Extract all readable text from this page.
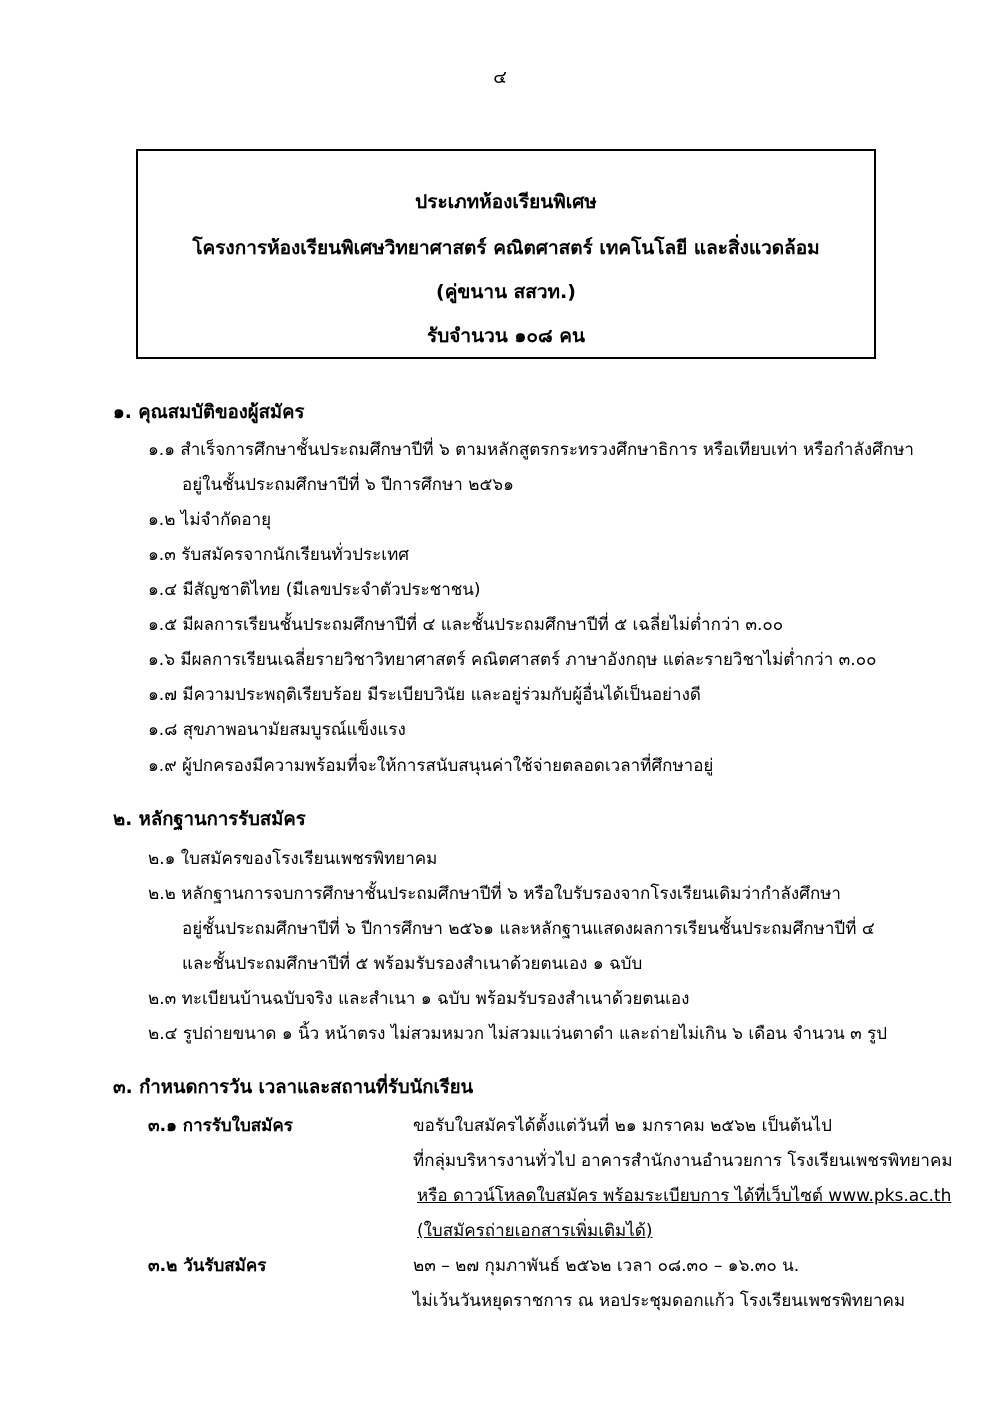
๔
ประเภทห้องเรียนพิเศษ
โครงการห้องเรียนพิเศษวิทยาศาสตร์ คณิตศาสตร์ เทคโนโลยี และสิ่งแวดล้อม
(คู่ขนาน สสวท.)
รับจำนวน ๑๐๘ คน
๑. คุณสมบัติของผู้สมัคร
๑.๑ สำเร็จการศึกษาชั้นประถมศึกษาปีที่ ๖ ตามหลักสูตรกระทรวงศึกษาธิการ หรือเทียบเท่า หรือกำลังศึกษา
อยู่ในชั้นประถมศึกษาปีที่ ๖ ปีการศึกษา ๒๕๖๑
๑.๒ ไม่จำกัดอายุ
๑.๓ รับสมัครจากนักเรียนทั่วประเทศ
๑.๔ มีสัญชาติไทย (มีเลขประจำตัวประชาชน)
๑.๕ มีผลการเรียนชั้นประถมศึกษาปีที่ ๔ และชั้นประถมศึกษาปีที่ ๕ เฉลี่ยไม่ต่ำกว่า ๓.๐๐
๑.๖ มีผลการเรียนเฉลี่ยรายวิชาวิทยาศาสตร์ คณิตศาสตร์ ภาษาอังกฤษ แต่ละรายวิชาไม่ต่ำกว่า ๓.๐๐
๑.๗ มีความประพฤติเรียบร้อย มีระเบียบวินัย และอยู่ร่วมกับผู้อื่นได้เป็นอย่างดี
๑.๘ สุขภาพอนามัยสมบูรณ์แข็งแรง
๑.๙ ผู้ปกครองมีความพร้อมที่จะให้การสนับสนุนค่าใช้จ่ายตลอดเวลาที่ศึกษาอยู่
๒. หลักฐานการรับสมัคร
๒.๑ ใบสมัครของโรงเรียนเพชรพิทยาคม
๒.๒ หลักฐานการจบการศึกษาชั้นประถมศึกษาปีที่ ๖ หรือใบรับรองจากโรงเรียนเดิมว่ากำลังศึกษา
อยู่ชั้นประถมศึกษาปีที่ ๖ ปีการศึกษา ๒๕๖๑ และหลักฐานแสดงผลการเรียนชั้นประถมศึกษาปีที่ ๔
และชั้นประถมศึกษาปีที่ ๕ พร้อมรับรองสำเนาด้วยตนเอง ๑ ฉบับ
๒.๓ ทะเบียนบ้านฉบับจริง และสำเนา ๑ ฉบับ พร้อมรับรองสำเนาด้วยตนเอง
๒.๔ รูปถ่ายขนาด ๑ นิ้ว หน้าตรง ไม่สวมหมวก ไม่สวมแว่นตาดำ และถ่ายไม่เกิน ๖ เดือน จำนวน ๓ รูป
๓. กำหนดการวัน เวลาและสถานที่รับนักเรียน
๓.๑ การรับใบสมัคร	ขอรับใบสมัครได้ตั้งแต่วันที่ ๒๑ มกราคม ๒๕๖๒ เป็นต้นไป
ที่กลุ่มบริหารงานทั่วไป อาคารสำนักงานอำนวยการ โรงเรียนเพชรพิทยาคม
หรือ ดาวน์โหลดใบสมัคร พร้อมระเบียบการ ได้ที่เว็บไซต์ www.pks.ac.th
(ใบสมัครถ่ายเอกสารเพิ่มเติมได้)
๓.๒ วันรับสมัคร	๒๓ – ๒๗ กุมภาพันธ์ ๒๕๖๒ เวลา ๐๘.๓๐ – ๑๖.๓๐ น.
ไม่เว้นวันหยุดราชการ ณ หอประชุมดอกแก้ว โรงเรียนเพชรพิทยาคม
